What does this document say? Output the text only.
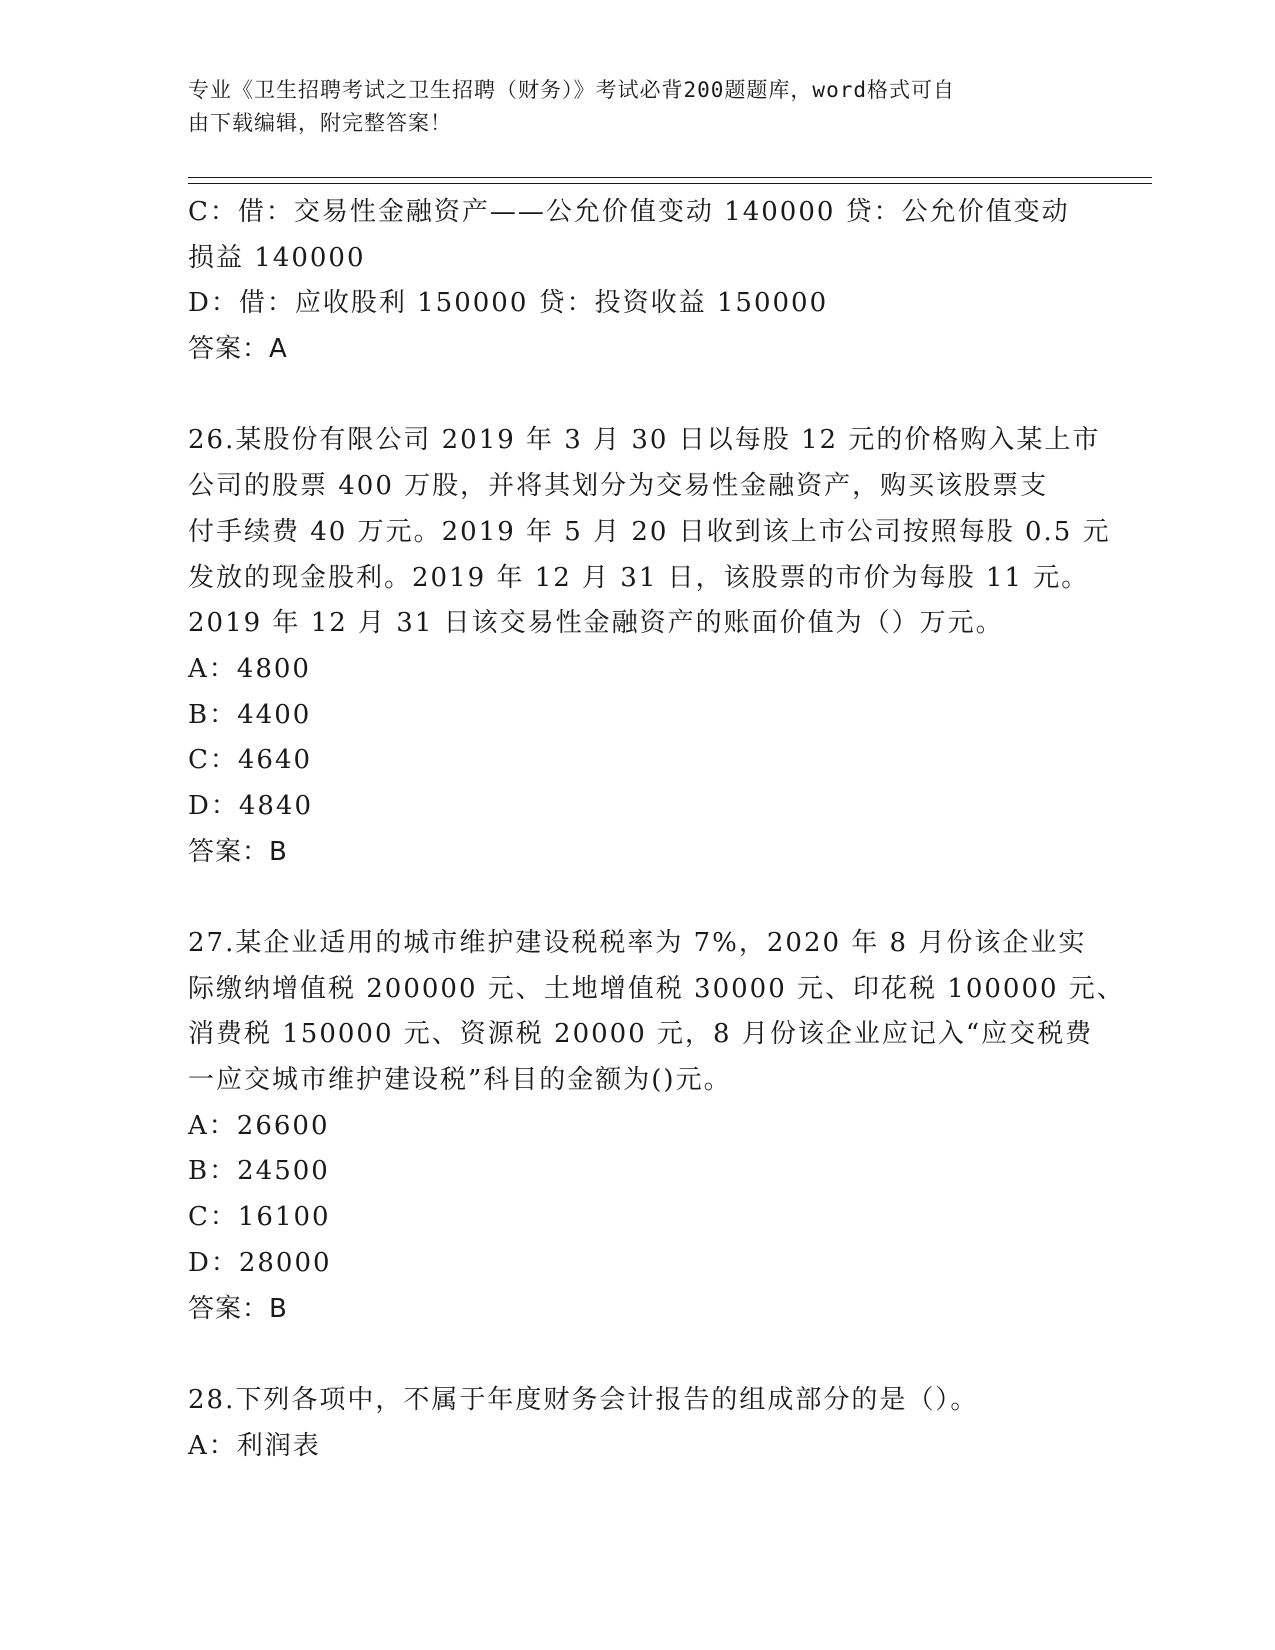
专业《卫生招聘考试之卫生招聘（财务）》考试必背200题题库，word格式可自
由下载编辑，附完整答案！
C：借：交易性金融资产——公允价值变动 140000 贷：公允价值变动
损益 140000
D：借：应收股利 150000 贷：投资收益 150000
答案：A
26.某股份有限公司 2019 年 3 月 30 日以每股 12 元的价格购入某上市
公司的股票 400 万股，并将其划分为交易性金融资产，购买该股票支
付手续费 40 万元。2019 年 5 月 20 日收到该上市公司按照每股 0.5 元
发放的现金股利。2019 年 12 月 31 日，该股票的市价为每股 11 元。
2019 年 12 月 31 日该交易性金融资产的账面价值为（）万元。
A：4800
B：4400
C：4640
D：4840
答案：B
27.某企业适用的城市维护建设税税率为 7%，2020 年 8 月份该企业实
际缴纳增值税 200000 元、土地增值税 30000 元、印花税 100000 元、
消费税 150000 元、资源税 20000 元，8 月份该企业应记入“应交税费
一应交城市维护建设税”科目的金额为()元。
A：26600
B：24500
C：16100
D：28000
答案：B
28.下列各项中，不属于年度财务会计报告的组成部分的是（）。
A：利润表
